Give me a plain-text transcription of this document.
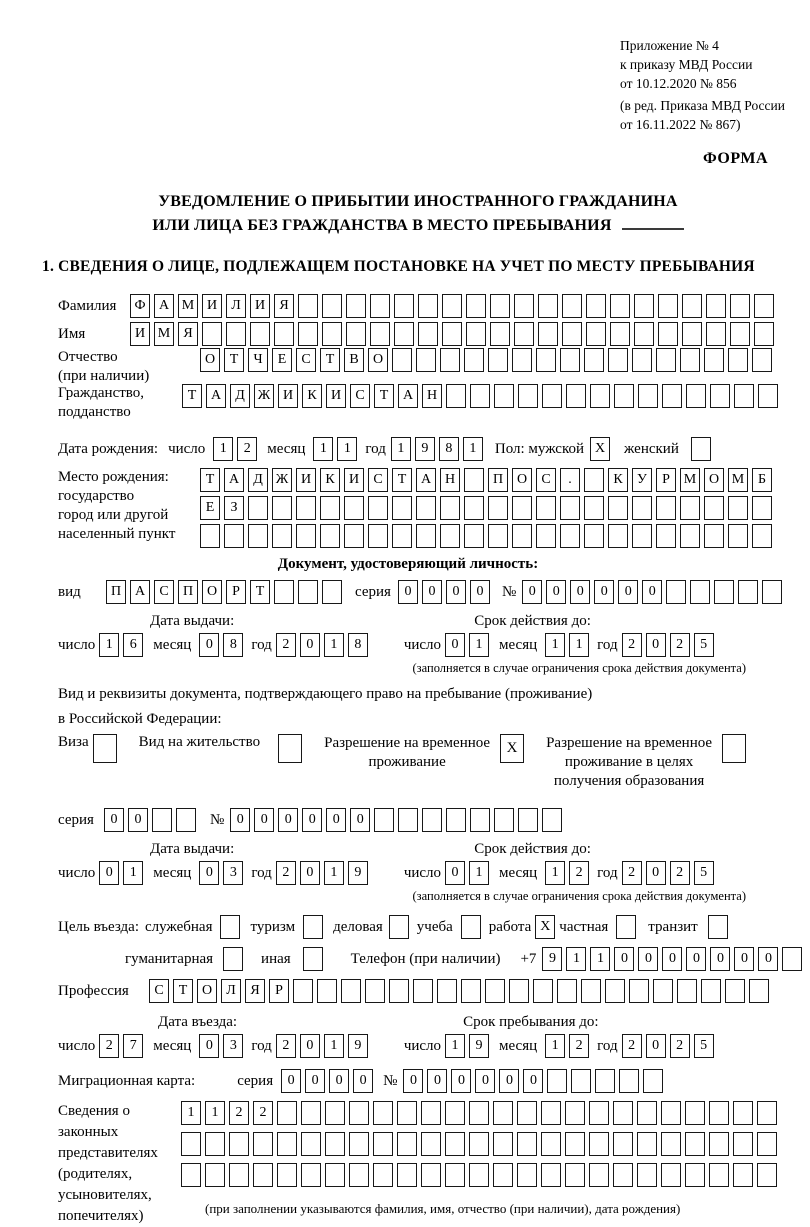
Приложение № 4
к приказу МВД России
от 10.12.2020 № 856
(в ред. Приказа МВД России
от 16.11.2022 № 867)
ФОРМА
УВЕДОМЛЕНИЕ О ПРИБЫТИИ ИНОСТРАННОГО ГРАЖДАНИНА
ИЛИ ЛИЦА БЕЗ ГРАЖДАНСТВА В МЕСТО ПРЕБЫВАНИЯ
1. СВЕДЕНИЯ О ЛИЦЕ, ПОДЛЕЖАЩЕМ ПОСТАНОВКЕ НА УЧЕТ ПО МЕСТУ ПРЕБЫВАНИЯ
Фамилия	Ф А М И	Л	И	Я
Имя	И М Я
Отчество
(при наличии)
О	Т	Ч	Е	С	Т	В	О
Гражданство,
подданство
Т	А	Д Ж И	К	И	С	Т	А Н
Дата рождения: число	1	2	месяц	1	1 год 1	9	8	1	Пол: мужской X	женский
Место рождения:
государство
город или другой
населенный пункт
Т	А	Д Ж И	К	И	С	Т	А Н	П О	С	.	К	У	Р М О М Б
Е	З
Документ, удостоверяющий личность:
вид	П А	С	П О	Р	Т	серия 0	0	0	0	№ 0	0	0	0	0	0
Дата выдачи:	Срок действия до:
число 1	6	месяц	0	8 год 2	0	1	8	число 0	1	месяц	1	1 год 2	0	2	5
(заполняется в случае ограничения срока действия документа)
Вид и реквизиты документа, подтверждающего право на пребывание (проживание)
в Российской Федерации:
Виза	Вид на жительство	Разрешение на временное
проживание
X	Разрешение на временное
проживание в целях
получения образования
серия	0	0	№ 0	0	0	0	0	0
Дата выдачи:	Срок действия до:
число 0	1	месяц	0	3 год 2	0	1	9	число 0	1	месяц	1	2 год 2	0	2	5
(заполняется в случае ограничения срока действия документа)
Цель въезда: служебная	туризм	деловая учеба работа X частная	транзит
гуманитарная	иная	Телефон (при наличии) +7 9	1	1	0	0	0	0	0	0	0
Профессия	С	Т	О	Л	Я	Р
Дата въезда:	Срок пребывания до:
число 2	7	месяц	0	3 год 2	0	1	9	число 1	9	месяц	1	2 год 2	0	2	5
Миграционная карта:	серия	0	0	0	0	№ 0	0	0	0	0	0
Сведения о
законных
представителях
(родителях,
усыновителях,
попечителях)
1	1	2	2
(при заполнении указываются фамилия, имя, отчество (при наличии), дата рождения)
